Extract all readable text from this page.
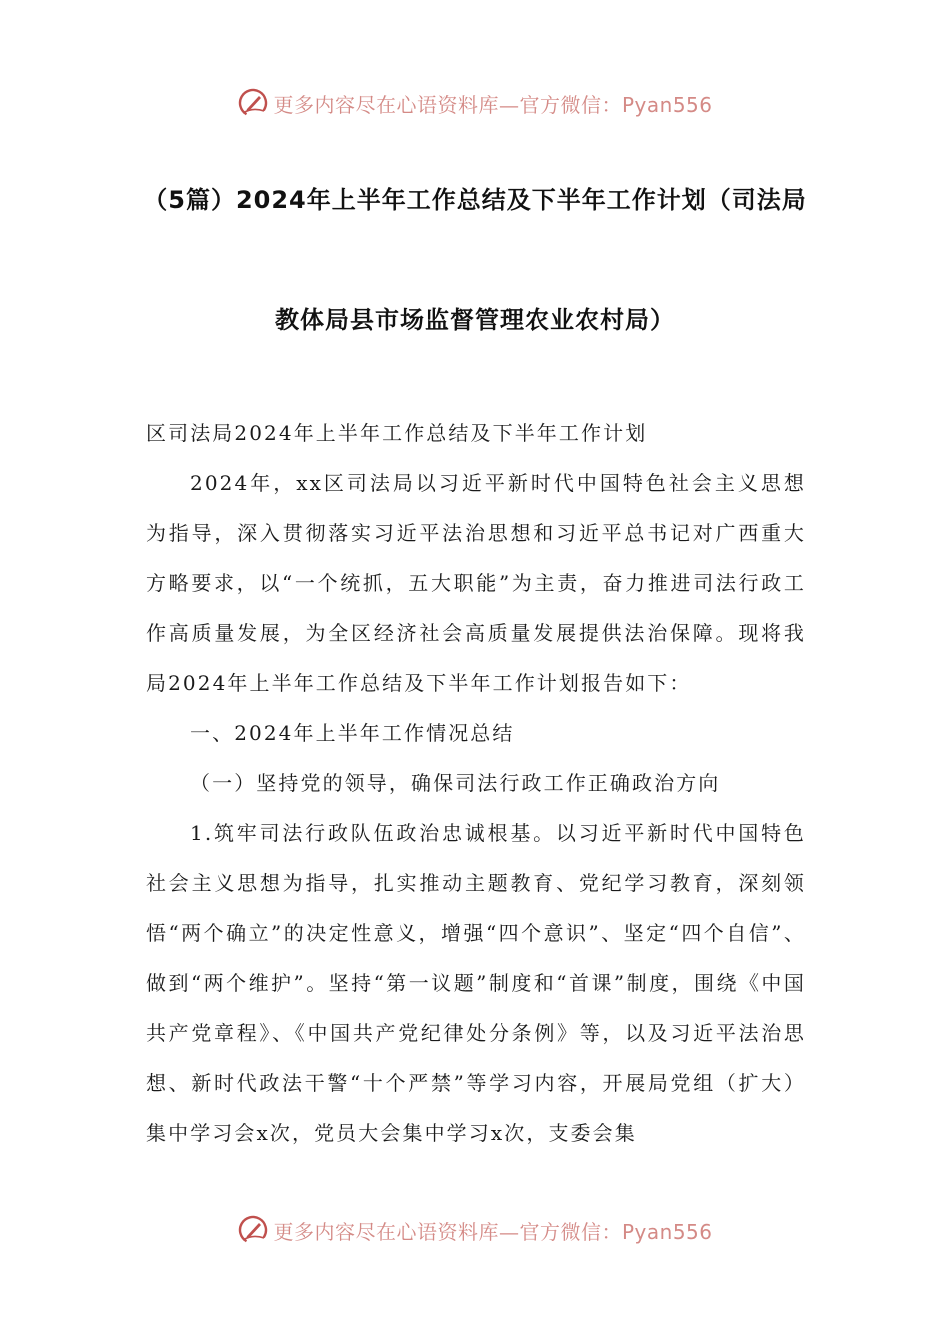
更多内容尽在心语资料库—官方微信：Pyan556
（5篇）2024年上半年工作总结及下半年工作计划（司法局
教体局县市场监督管理农业农村局）

区司法局2024年上半年工作总结及下半年工作计划

2024年，xx区司法局以习近平新时代中国特色社会主义思想为指导，深入贯彻落实习近平法治思想和习近平总书记对广西重大方略要求，以“一个统抓，五大职能”为主责，奋力推进司法行政工作高质量发展，为全区经济社会高质量发展提供法治保障。现将我局2024年上半年工作总结及下半年工作计划报告如下：

一、2024年上半年工作情况总结

（一）坚持党的领导，确保司法行政工作正确政治方向

1.筑牢司法行政队伍政治忠诚根基。以习近平新时代中国特色社会主义思想为指导，扎实推动主题教育、党纪学习教育，深刻领悟“两个确立”的决定性意义，增强“四个意识”、坚定“四个自信”、做到“两个维护”。坚持“第一议题”制度和“首课”制度，围绕《中国共产党章程》、《中国共产党纪律处分条例》等，以及习近平法治思想、新时代政法干警“十个严禁”等学习内容，开展局党组（扩大）集中学习会x次，党员大会集中学习x次，支委会集

更多内容尽在心语资料库—官方微信：Pyan556
